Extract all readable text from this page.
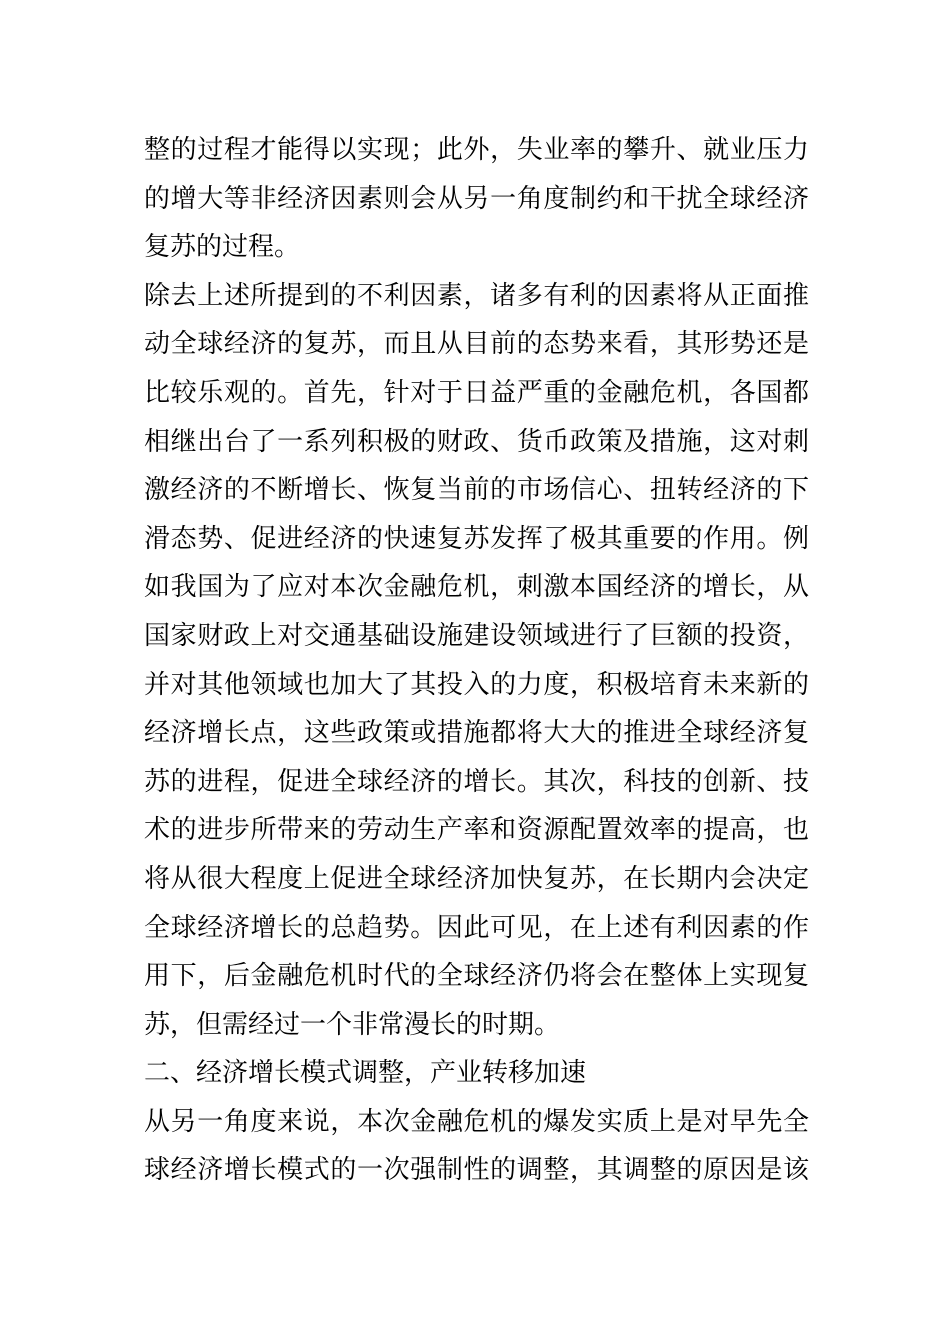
整的过程才能得以实现；此外，失业率的攀升、就业压力
的增大等非经济因素则会从另一角度制约和干扰全球经济
复苏的过程。
除去上述所提到的不利因素，诸多有利的因素将从正面推
动全球经济的复苏，而且从目前的态势来看，其形势还是
比较乐观的。首先，针对于日益严重的金融危机，各国都
相继出台了一系列积极的财政、货币政策及措施，这对刺
激经济的不断增长、恢复当前的市场信心、扭转经济的下
滑态势、促进经济的快速复苏发挥了极其重要的作用。例
如我国为了应对本次金融危机，刺激本国经济的增长，从
国家财政上对交通基础设施建设领域进行了巨额的投资，
并对其他领域也加大了其投入的力度，积极培育未来新的
经济增长点，这些政策或措施都将大大的推进全球经济复
苏的进程，促进全球经济的增长。其次，科技的创新、技
术的进步所带来的劳动生产率和资源配置效率的提高，也
将从很大程度上促进全球经济加快复苏，在长期内会决定
全球经济增长的总趋势。因此可见，在上述有利因素的作
用下，后金融危机时代的全球经济仍将会在整体上实现复
苏，但需经过一个非常漫长的时期。
二、经济增长模式调整，产业转移加速
从另一角度来说，本次金融危机的爆发实质上是对早先全
球经济增长模式的一次强制性的调整，其调整的原因是该
